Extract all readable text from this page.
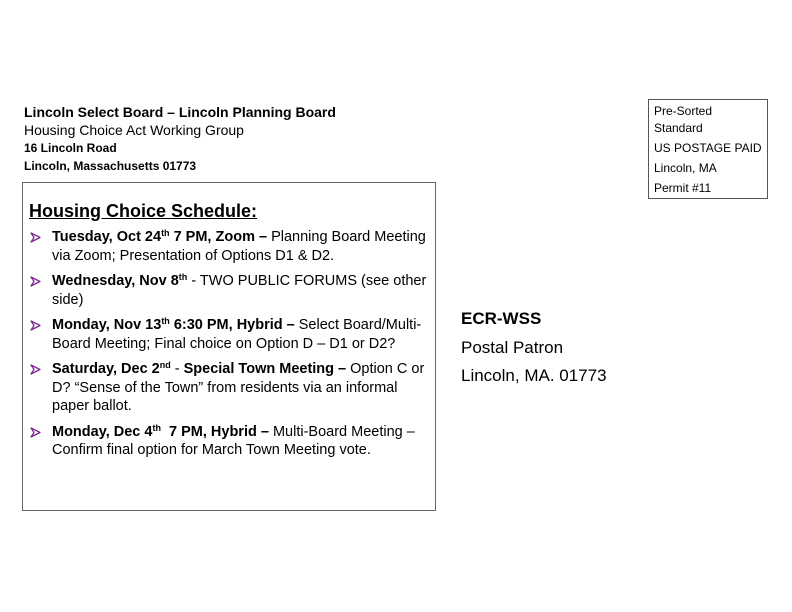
Lincoln Select Board – Lincoln Planning Board
Housing Choice Act Working Group
16 Lincoln Road
Lincoln, Massachusetts 01773
Pre-Sorted
Standard
US POSTAGE PAID
Lincoln, MA
Permit #11
Housing Choice Schedule:
Tuesday, Oct 24th 7 PM, Zoom – Planning Board Meeting via Zoom; Presentation of Options D1 & D2.
Wednesday, Nov 8th - TWO PUBLIC FORUMS (see other side)
Monday, Nov 13th 6:30 PM, Hybrid – Select Board/Multi-Board Meeting; Final choice on Option D – D1 or D2?
Saturday, Dec 2nd - Special Town Meeting – Option C or D? “Sense of the Town” from residents via an informal paper ballot.
Monday, Dec 4th  7 PM, Hybrid – Multi-Board Meeting – Confirm final option for March Town Meeting vote.
ECR-WSS
Postal Patron
Lincoln, MA. 01773
